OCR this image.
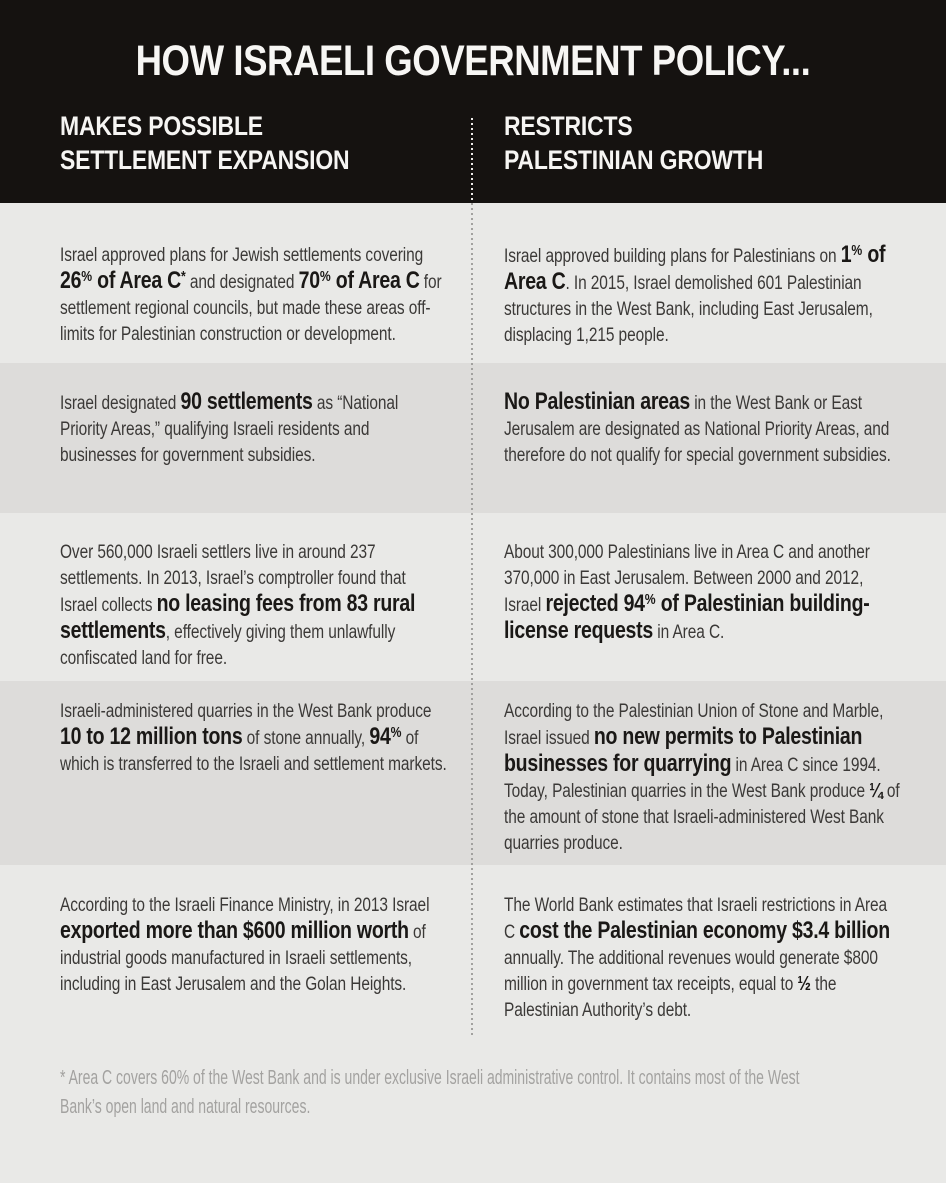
HOW ISRAELI GOVERNMENT POLICY...
MAKES POSSIBLE
SETTLEMENT EXPANSION
RESTRICTS
PALESTINIAN GROWTH

Israel approved plans for Jewish settlements covering 26% of Area C* and designated 70% of Area C for settlement regional councils, but made these areas off-limits for Palestinian construction or development.

Israel approved building plans for Palestinians on 1% of Area C. In 2015, Israel demolished 601 Palestinian structures in the West Bank, including East Jerusalem, displacing 1,215 people.

Israel designated 90 settlements as “National Priority Areas,” qualifying Israeli residents and businesses for government subsidies.

No Palestinian areas in the West Bank or East Jerusalem are designated as National Priority Areas, and therefore do not qualify for special government subsidies.

Over 560,000 Israeli settlers live in around 237 settlements. In 2013, Israel’s comptroller found that Israel collects no leasing fees from 83 rural settlements, effectively giving them unlawfully confiscated land for free.

About 300,000 Palestinians live in Area C and another 370,000 in East Jerusalem. Between 2000 and 2012, Israel rejected 94% of Palestinian building-license requests in Area C.

Israeli-administered quarries in the West Bank produce 10 to 12 million tons of stone annually, 94% of which is transferred to the Israeli and settlement markets.

According to the Palestinian Union of Stone and Marble, Israel issued no new permits to Palestinian businesses for quarrying in Area C since 1994. Today, Palestinian quarries in the West Bank produce ¼ of the amount of stone that Israeli-administered West Bank quarries produce.

According to the Israeli Finance Ministry, in 2013 Israel exported more than $600 million worth of industrial goods manufactured in Israeli settlements, including in East Jerusalem and the Golan Heights.

The World Bank estimates that Israeli restrictions in Area C cost the Palestinian economy $3.4 billion annually. The additional revenues would generate $800 million in government tax receipts, equal to ½ the Palestinian Authority’s debt.

* Area C covers 60% of the West Bank and is under exclusive Israeli administrative control. It contains most of the West Bank’s open land and natural resources.
